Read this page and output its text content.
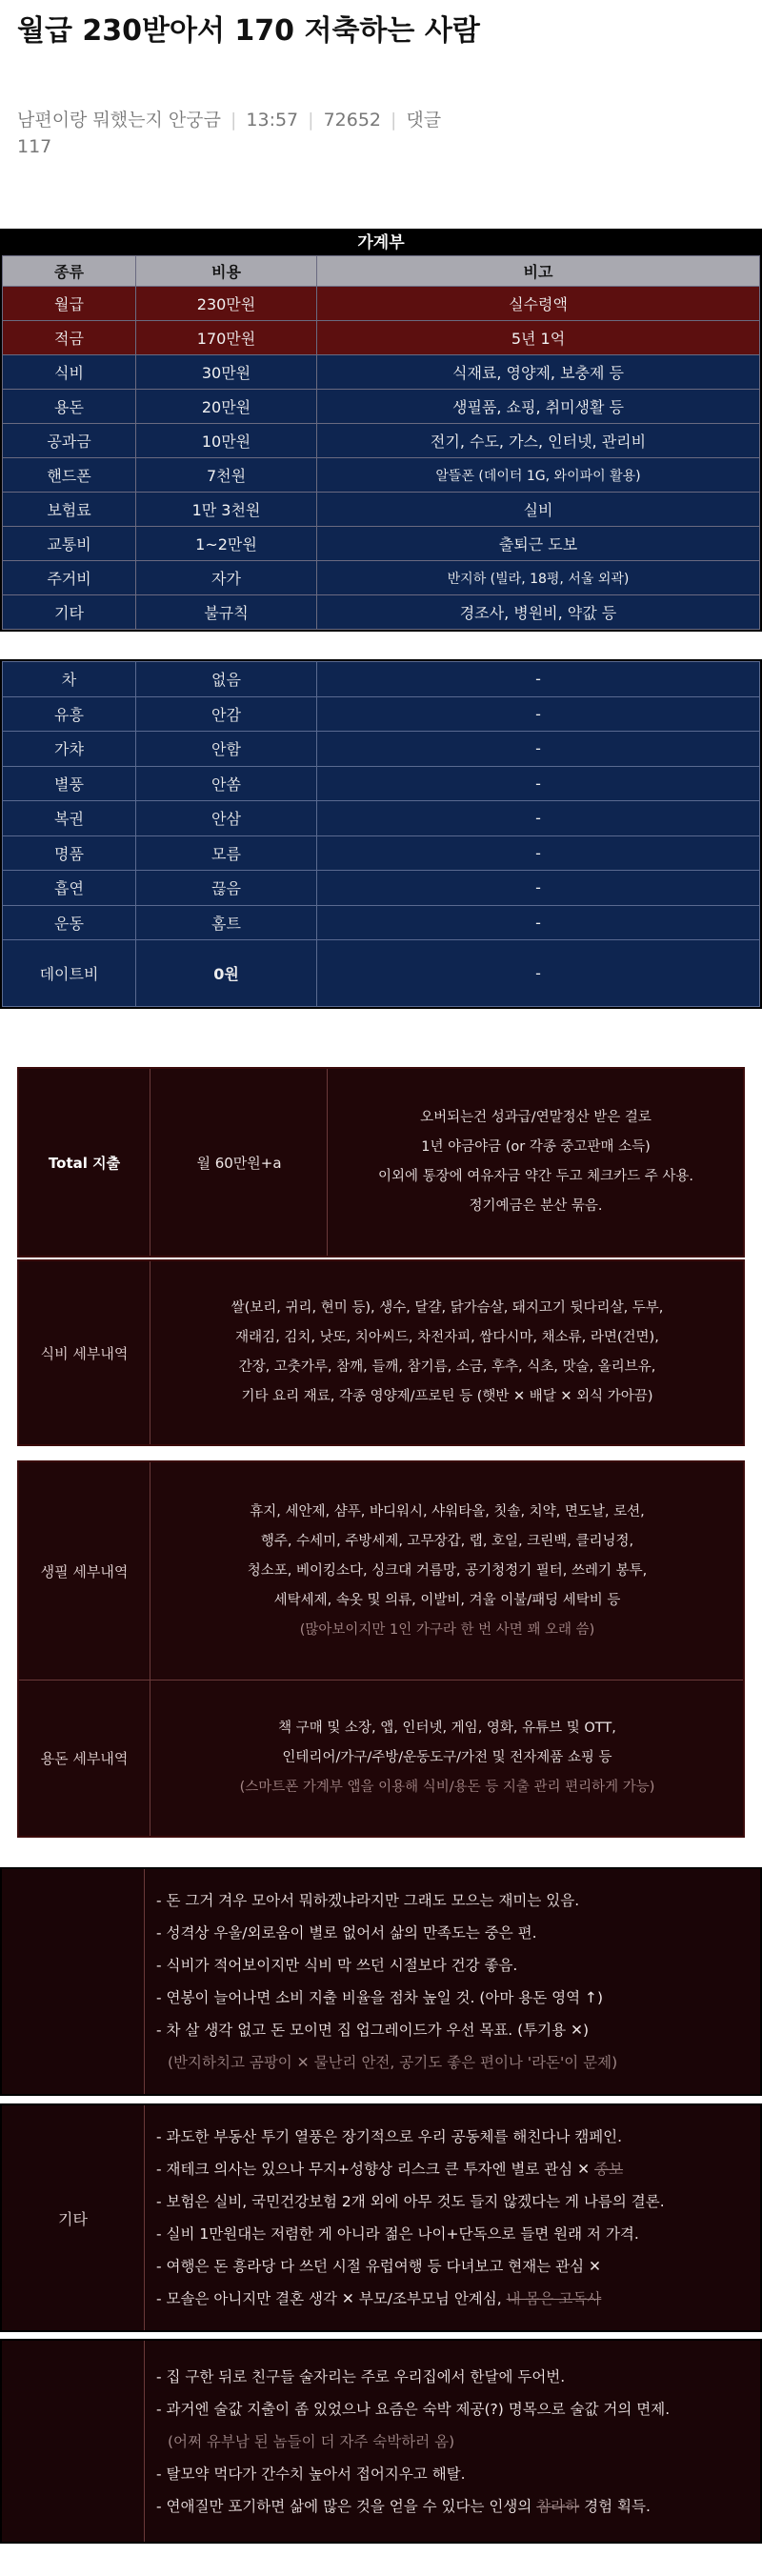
월급 230받아서 170 저축하는 사람
남편이랑 뭐했는지 안궁금 | 13:57 | 72652 | 댓글 117
가계부
종류	비용	비고
월급	230만원	실수령액
적금	170만원	5년 1억
식비	30만원	식재료, 영양제, 보충제 등
용돈	20만원	생필품, 쇼핑, 취미생활 등
공과금	10만원	전기, 수도, 가스, 인터넷, 관리비
핸드폰	7천원	알뜰폰 (데이터 1G, 와이파이 활용)
보험료	1만 3천원	실비
교통비	1~2만원	출퇴근 도보
주거비	자가	반지하 (빌라, 18평, 서울 외곽)
기타	불규칙	경조사, 병원비, 약값 등
차	없음	-
유흥	안감	-
가챠	안함	-
별풍	안쏨	-
복권	안삼	-
명품	모름	-
흡연	끊음	-
운동	홈트	-
데이트비	0원	-
Total 지출	월 60만원+a
오버되는건 성과급/연말정산 받은 걸로
1년 야금야금 (or 각종 중고판매 소득)
이외에 통장에 여유자금 약간 두고 체크카드 주 사용.
정기예금은 분산 묶음.
식비 세부내역
쌀(보리, 귀리, 현미 등), 생수, 달걀, 닭가슴살, 돼지고기 뒷다리살, 두부,
재래김, 김치, 낫또, 치아씨드, 차전자피, 쌈다시마, 채소류, 라면(건면),
간장, 고춧가루, 참깨, 들깨, 참기름, 소금, 후추, 식초, 맛술, 올리브유,
기타 요리 재료, 각종 영양제/프로틴 등 (햇반 ✕ 배달 ✕ 외식 가아끔)
생필 세부내역
휴지, 세안제, 샴푸, 바디워시, 샤워타올, 칫솔, 치약, 면도날, 로션,
행주, 수세미, 주방세제, 고무장갑, 랩, 호일, 크린백, 클리닝정,
청소포, 베이킹소다, 싱크대 거름망, 공기청정기 필터, 쓰레기 봉투,
세탁세제, 속옷 및 의류, 이발비, 겨울 이불/패딩 세탁비 등
(많아보이지만 1인 가구라 한 번 사면 꽤 오래 씀)
용돈 세부내역
책 구매 및 소장, 앱, 인터넷, 게임, 영화, 유튜브 및 OTT,
인테리어/가구/주방/운동도구/가전 및 전자제품 쇼핑 등
(스마트폰 가계부 앱을 이용해 식비/용돈 등 지출 관리 편리하게 가능)
- 돈 그거 겨우 모아서 뭐하겠냐라지만 그래도 모으는 재미는 있음.
- 성격상 우울/외로움이 별로 없어서 삶의 만족도는 중은 편.
- 식비가 적어보이지만 식비 막 쓰던 시절보다 건강 좋음.
- 연봉이 늘어나면 소비 지출 비율을 점차 높일 것. (아마 용돈 영역 ↑)
- 차 살 생각 없고 돈 모이면 집 업그레이드가 우선 목표. (투기용 ✕)
(반지하치고 곰팡이 ✕ 물난리 안전, 공기도 좋은 편이나 '라돈'이 문제)
기타
- 과도한 부동산 투기 열풍은 장기적으로 우리 공동체를 해친다나 캠페인.
- 재테크 의사는 있으나 무지+성향상 리스크 큰 투자엔 별로 관심 ✕ 종보
- 보험은 실비, 국민건강보험 2개 외에 아무 것도 들지 않겠다는 게 나름의 결론.
- 실비 1만원대는 저렴한 게 아니라 젊은 나이+단독으로 들면 원래 저 가격.
- 여행은 돈 흥라당 다 쓰던 시절 유럽여행 등 다녀보고 현재는 관심 ✕
- 모솔은 아니지만 결혼 생각 ✕ 부모/조부모님 안계심, 내 몸은 고독사
- 집 구한 뒤로 친구들 술자리는 주로 우리집에서 한달에 두어번.
- 과거엔 술값 지출이 좀 있었으나 요즘은 숙박 제공(?) 명목으로 술값 거의 면제.
(어쩌 유부남 된 놈들이 더 자주 숙박하러 옴)
- 탈모약 먹다가 간수치 높아서 접어지우고 해탈.
- 연애질만 포기하면 삶에 많은 것을 얻을 수 있다는 인생의 참라하 경험 획득.
